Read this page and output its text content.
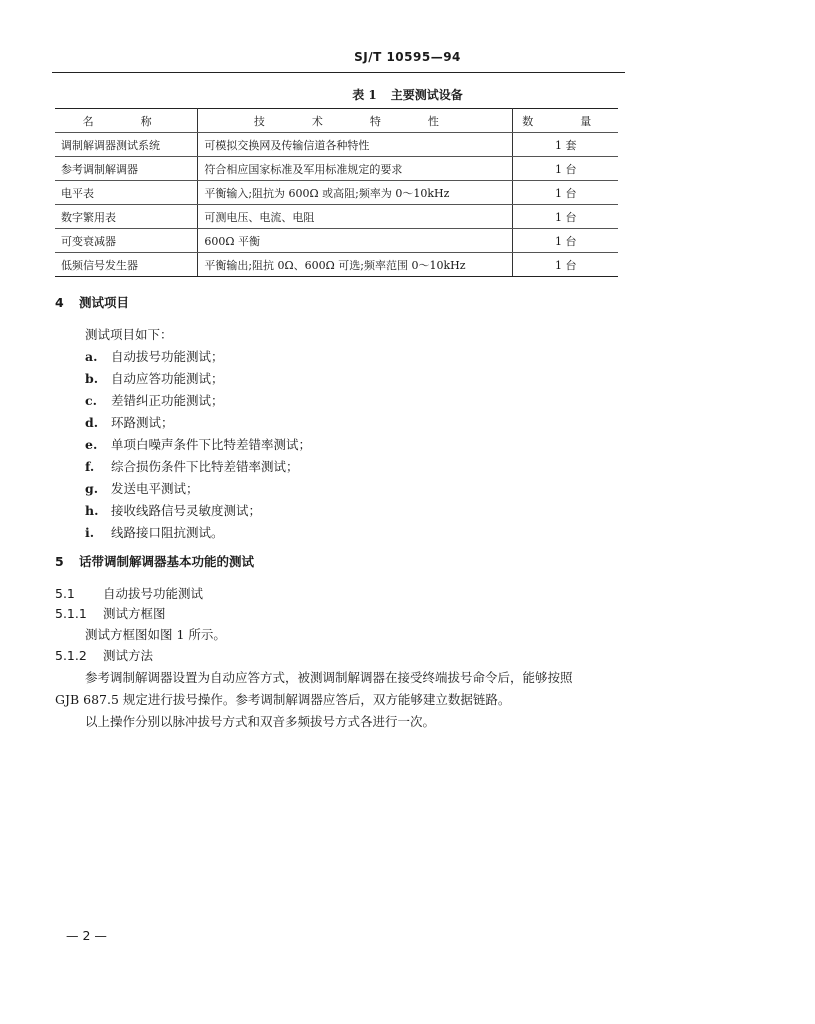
SJ/T 10595—94
表 1 主要测试设备
名　称	技　术　特　性	数　量
调制解调器测试系统	可模拟交换网及传输信道各种特性	1 套
参考调制解调器	符合相应国家标准及军用标准规定的要求	1 台
电平表	平衡输入;阻抗为 600Ω 或高阻;频率为 0～10kHz	1 台
数字繁用表	可测电压、电流、电阻	1 台
可变衰减器	600Ω 平衡	1 台
低频信号发生器	平衡输出;阻抗 0Ω、600Ω 可选;频率范围 0～10kHz	1 台
4 测试项目
测试项目如下：
a. 自动拔号功能测试；
b. 自动应答功能测试；
c. 差错纠正功能测试；
d. 环路测试；
e. 单项白噪声条件下比特差错率测试；
f. 综合损伤条件下比特差错率测试；
g. 发送电平测试；
h. 接收线路信号灵敏度测试；
i. 线路接口阻抗测试。
5 话带调制解调器基本功能的测试
5.1 自动拔号功能测试
5.1.1 测试方框图
测试方框图如图 1 所示。
5.1.2 测试方法
参考调制解调器设置为自动应答方式，被测调制解调器在接受终端拔号命令后，能够按照
GJB 687.5 规定进行拔号操作。参考调制解调器应答后，双方能够建立数据链路。
以上操作分别以脉冲拔号方式和双音多频拔号方式各进行一次。
— 2 —
